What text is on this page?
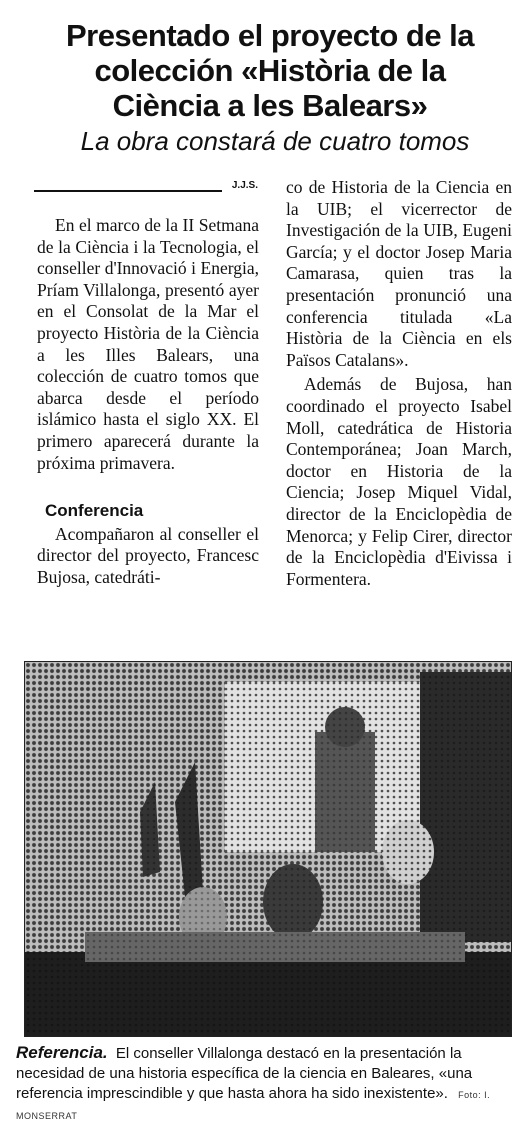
Presentado el proyecto de la
colección «Història de la
Ciència a les Balears»
La obra constará de cuatro tomos
J.J.S.

En el marco de la II Setmana de la Ciència i la Tecnologia, el conseller d'Innovació i Energia, Príam Villalonga, presentó ayer en el Consolat de la Mar el proyecto Història de la Ciència a les Illes Balears, una colección de cuatro tomos que abarca desde el período islámico hasta el siglo XX. El primero aparecerá durante la próxima primavera.

Conferencia

Acompañaron al conseller el director del proyecto, Francesc Bujosa, catedráti-

co de Historia de la Ciencia en la UIB; el vicerrector de Investigación de la UIB, Eugeni García; y el doctor Josep Maria Camarasa, quien tras la presentación pronunció una conferencia titulada «La Història de la Ciència en els Països Catalans».

Además de Bujosa, han coordinado el proyecto Isabel Moll, catedrática de Historia Contemporánea; Joan March, doctor en Historia de la Ciencia; Josep Miquel Vidal, director de la Enciclopèdia de Menorca; y Felip Cirer, director de la Enciclopèdia d'Eivissa i Formentera.

Referencia. El conseller Villalonga destacó en la presentación la necesidad de una historia específica de la ciencia en Baleares, «una referencia imprescindible y que hasta ahora ha sido inexistente». Foto: I. MONSERRAT
